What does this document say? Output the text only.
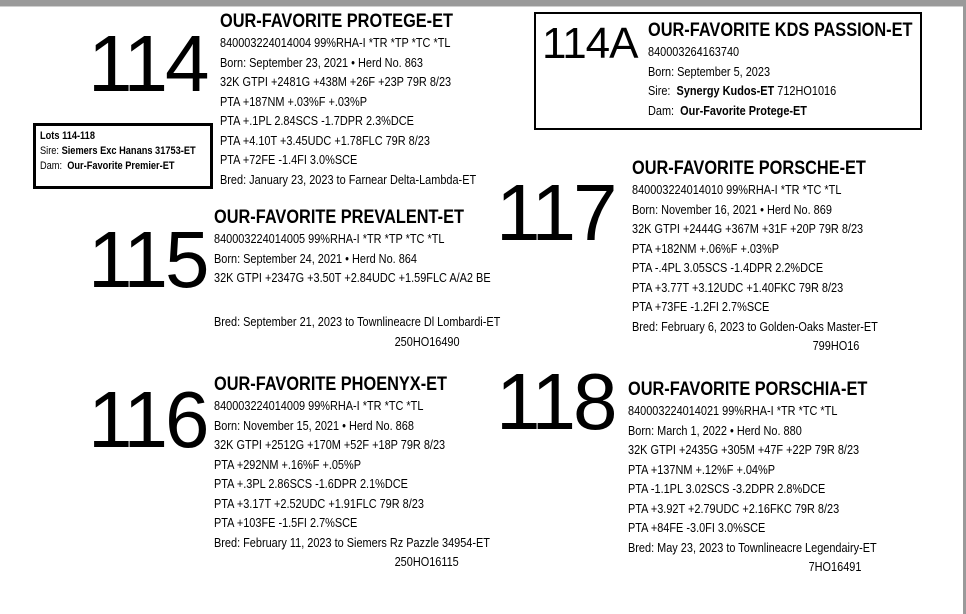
114 OUR-FAVORITE PROTEGE-ET
840003224014004 99%RHA-I *TR *TP *TC *TL
Born: September 23, 2021 • Herd No. 863
32K GTPI +2481G +438M +26F +23P 79R 8/23
PTA +187NM +.03%F +.03%P
PTA +.1PL 2.84SCS -1.7DPR 2.3%DCE
PTA +4.10T +3.45UDC +1.78FLC 79R 8/23
PTA +72FE -1.4FI 3.0%SCE
Bred: January 23, 2023 to Farnear Delta-Lambda-ET
Lots 114-118
Sire: Siemers Exc Hanans 31753-ET
Dam: Our-Favorite Premier-ET
114A OUR-FAVORITE KDS PASSION-ET
840003264163740
Born: September 5, 2023
Sire: Synergy Kudos-ET 712HO1016
Dam: Our-Favorite Protege-ET
115 OUR-FAVORITE PREVALENT-ET
840003224014005 99%RHA-I *TR *TP *TC *TL
Born: September 24, 2021 • Herd No. 864
32K GTPI +2347G +3.50T +2.84UDC +1.59FLC A/A2 BE
Bred: September 21, 2023 to Townlineacre Dl Lombardi-ET
250HO16490
116 OUR-FAVORITE PHOENYX-ET
840003224014009 99%RHA-I *TR *TC *TL
Born: November 15, 2021 • Herd No. 868
32K GTPI +2512G +170M +52F +18P 79R 8/23
PTA +292NM +.16%F +.05%P
PTA +.3PL 2.86SCS -1.6DPR 2.1%DCE
PTA +3.17T +2.52UDC +1.91FLC 79R 8/23
PTA +103FE -1.5FI 2.7%SCE
Bred: February 11, 2023 to Siemers Rz Pazzle 34954-ET
250HO16115
117 OUR-FAVORITE PORSCHE-ET
840003224014010 99%RHA-I *TR *TC *TL
Born: November 16, 2021 • Herd No. 869
32K GTPI +2444G +367M +31F +20P 79R 8/23
PTA +182NM +.06%F +.03%P
PTA -.4PL 3.05SCS -1.4DPR 2.2%DCE
PTA +3.77T +3.12UDC +1.40FKC 79R 8/23
PTA +73FE -1.2FI 2.7%SCE
Bred: February 6, 2023 to Golden-Oaks Master-ET
799HO16
118 OUR-FAVORITE PORSCHIA-ET
840003224014021 99%RHA-I *TR *TC *TL
Born: March 1, 2022 • Herd No. 880
32K GTPI +2435G +305M +47F +22P 79R 8/23
PTA +137NM +.12%F +.04%P
PTA -1.1PL 3.02SCS -3.2DPR 2.8%DCE
PTA +3.92T +2.79UDC +2.16FKC 79R 8/23
PTA +84FE -3.0FI 3.0%SCE
Bred: May 23, 2023 to Townlineacre Legendairy-ET
7HO16491
